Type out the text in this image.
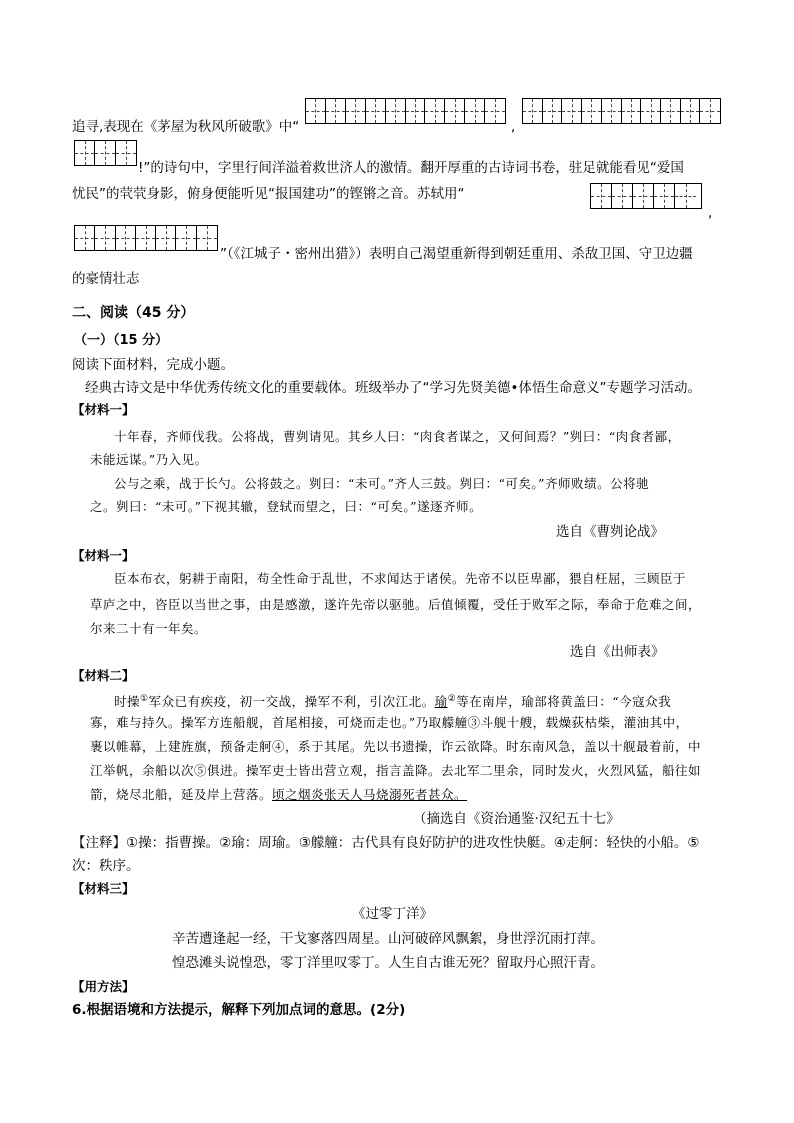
追寻,表现在《茅屋为秋风所破歌》中“	,
!”的诗句中，字里行间洋溢着救世济人的激情。翻开厚重的古诗词书卷，驻足就能看见“爱国
忧民”的茕茕身影，俯身便能听见“报国建功”的铿锵之音。苏轼用“
,
”（《江城子・密州出猎》）表明自己渴望重新得到朝廷重用、杀敌卫国、守卫边疆
的豪情壮志
二、阅读（45 分）
（一）（15 分）
阅读下面材料，完成小题。
经典古诗文是中华优秀传统文化的重要载体。班级举办了“学习先贤美德•体悟生命意义”专题学习活动。
【材料一】
十年春，齐师伐我。公将战，曹刿请见。其乡人曰：“肉食者谋之，又何间焉？”刿曰：“肉食者鄙，
未能远谋。”乃入见。
公与之乘，战于长勺。公将鼓之。刿曰：“未可。”齐人三鼓。刿曰：“可矣。”齐师败绩。公将驰
之。刿曰：“未可。”下视其辙，登轼而望之，曰：“可矣。”遂逐齐师。
选自《曹刿论战》
【材料一】
臣本布衣，躬耕于南阳，苟全性命于乱世，不求闻达于诸侯。先帝不以臣卑鄙，猥自枉屈，三顾臣于
草庐之中，咨臣以当世之事，由是感激，遂许先帝以驱驰。后值倾覆，受任于败军之际，奉命于危难之间，
尔来二十有一年矣。
选自《出师表》
【材料二】
时操①军众已有疾疫，初一交战，操军不利，引次江北。瑜②等在南岸，瑜部将黄盖曰：“今寇众我
寡，难与持久。操军方连船舰，首尾相接，可烧而走也。”乃取艨艟③斗舰十艘，载燥荻枯柴，灌油其中，
裹以帷幕，上建旌旗，预备走舸④，系于其尾。先以书遗操，诈云欲降。时东南风急，盖以十舰最着前，中
江举帆，余船以次⑤俱进。操军吏士皆出营立观，指言盖降。去北军二里余，同时发火，火烈风猛，船往如
箭，烧尽北船，延及岸上营落。顷之烟炎张天人马烧溺死者甚众。
（摘选自《资治通鉴·汉纪五十七》
【注释】①操：指曹操。②瑜：周瑜。③艨艟：古代具有良好防护的进攻性快艇。④走舸：轻快的小船。⑤
次：秩序。
【材料三】
《过零丁洋》
辛苦遭逢起一经，干戈寥落四周星。山河破碎风飘絮，身世浮沉雨打萍。
惶恐滩头说惶恐，零丁洋里叹零丁。人生自古谁无死？留取丹心照汗青。
【用方法】
6.根据语境和方法提示，解释下列加点词的意思。(2分)
